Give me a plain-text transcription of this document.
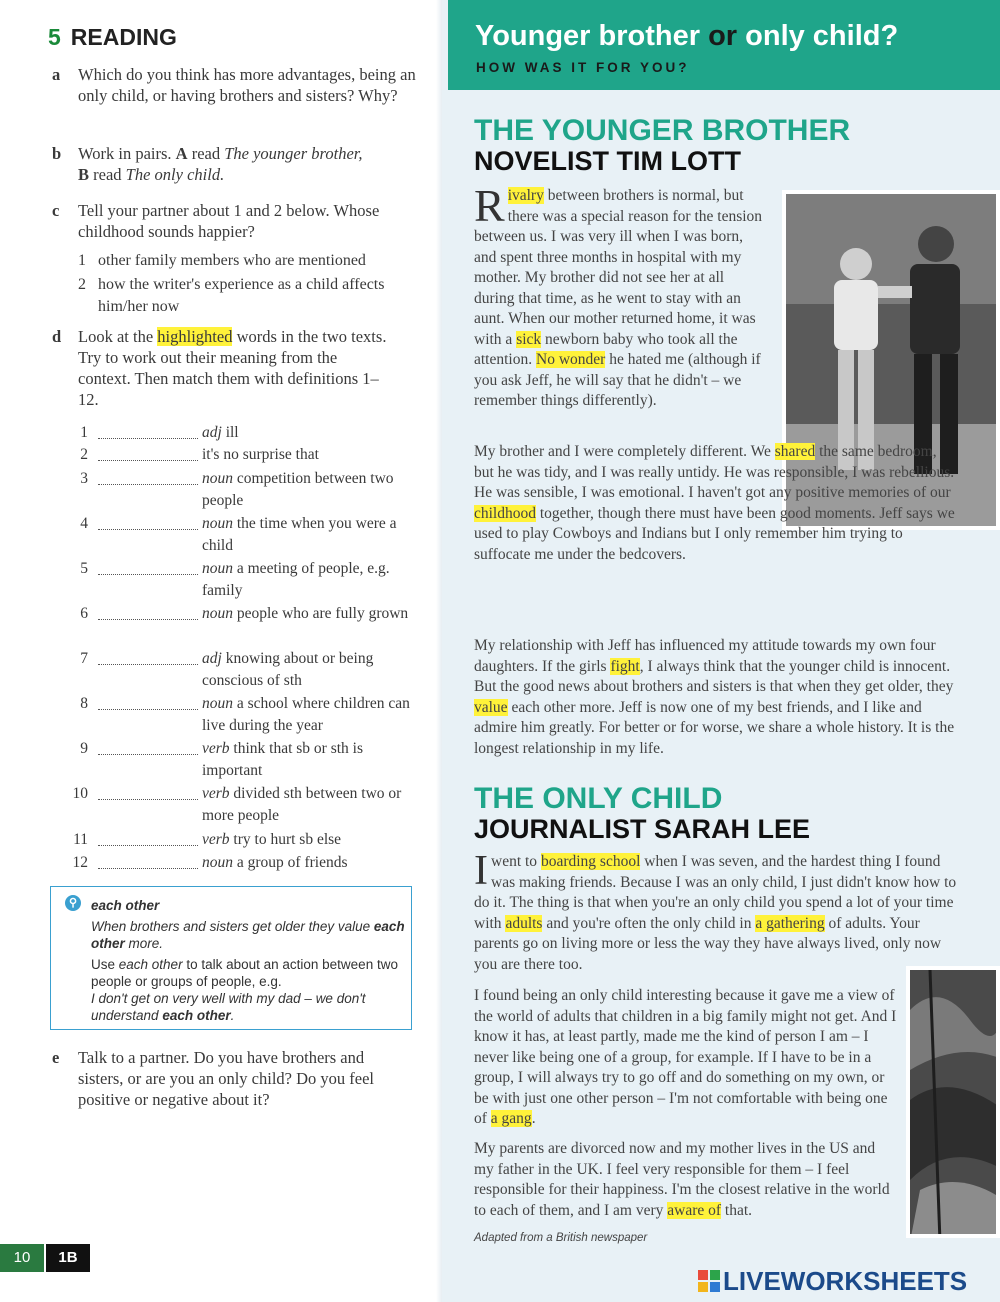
5 READING
a Which do you think has more advantages, being an only child, or having brothers and sisters? Why?
b Work in pairs. A read The younger brother,
B read The only child.
c Tell your partner about 1 and 2 below. Whose childhood sounds happier?
1 other family members who are mentioned
2 how the writer's experience as a child affects him/her now
d Look at the highlighted words in the two texts. Try to work out their meaning from the context. Then match them with definitions 1–12.
1	adj ill
2	it's no surprise that
3	noun competition between two people
4	noun the time when you were a child
5	noun a meeting of people, e.g. family
6	noun people who are fully grown
7	adj knowing about or being conscious of sth
8	noun a school where children can live during the year
9	verb think that sb or sth is important
10	verb divided sth between two or more people
11	verb try to hurt sb else
12	noun a group of friends
⚲ each other

When brothers and sisters get older they value each other more.

Use each other to talk about an action between two people or groups of people, e.g.
I don't get on very well with my dad – we don't understand each other.

e Talk to a partner. Do you have brothers and sisters, or are you an only child? Do you feel positive or negative about it?
10	1B
Younger brother or only child?
HOW WAS IT FOR YOU?
THE YOUNGER BROTHER
NOVELIST TIM LOTT
Rivalry between brothers is normal, but there was a special reason for the tension between us. I was very ill when I was born, and spent three months in hospital with my mother. My brother did not see her at all during that time, as he went to stay with an aunt. When our mother returned home, it was with a sick newborn baby who took all the attention. No wonder he hated me (although if you ask Jeff, he will say that he didn't – we remember things differently).
My brother and I were completely different. We shared the same bedroom, but he was tidy, and I was really untidy. He was responsible, I was rebellious. He was sensible, I was emotional. I haven't got any positive memories of our childhood together, though there must have been good moments. Jeff says we used to play Cowboys and Indians but I only remember him trying to suffocate me under the bedcovers.
My relationship with Jeff has influenced my attitude towards my own four daughters. If the girls fight, I always think that the younger child is innocent. But the good news about brothers and sisters is that when they get older, they value each other more. Jeff is now one of my best friends, and I like and admire him greatly. For better or for worse, we share a whole history. It is the longest relationship in my life.
THE ONLY CHILD
JOURNALIST SARAH LEE
I went to boarding school when I was seven, and the hardest thing I found was making friends. Because I was an only child, I just didn't know how to do it. The thing is that when you're an only child you spend a lot of your time with adults and you're often the only child in a gathering of adults. Your parents go on living more or less the way they have always lived, only now you are there too.
I found being an only child interesting because it gave me a view of the world of adults that children in a big family might not get. And I know it has, at least partly, made me the kind of person I am – I never like being one of a group, for example. If I have to be in a group, I will always try to go off and do something on my own, or be with just one other person – I'm not comfortable with being one of a gang.
My parents are divorced now and my mother lives in the US and my father in the UK. I feel very responsible for them – I feel responsible for their happiness. I'm the closest relative in the world to each of them, and I am very aware of that.
Adapted from a British newspaper
LIVEWORKSHEETS
